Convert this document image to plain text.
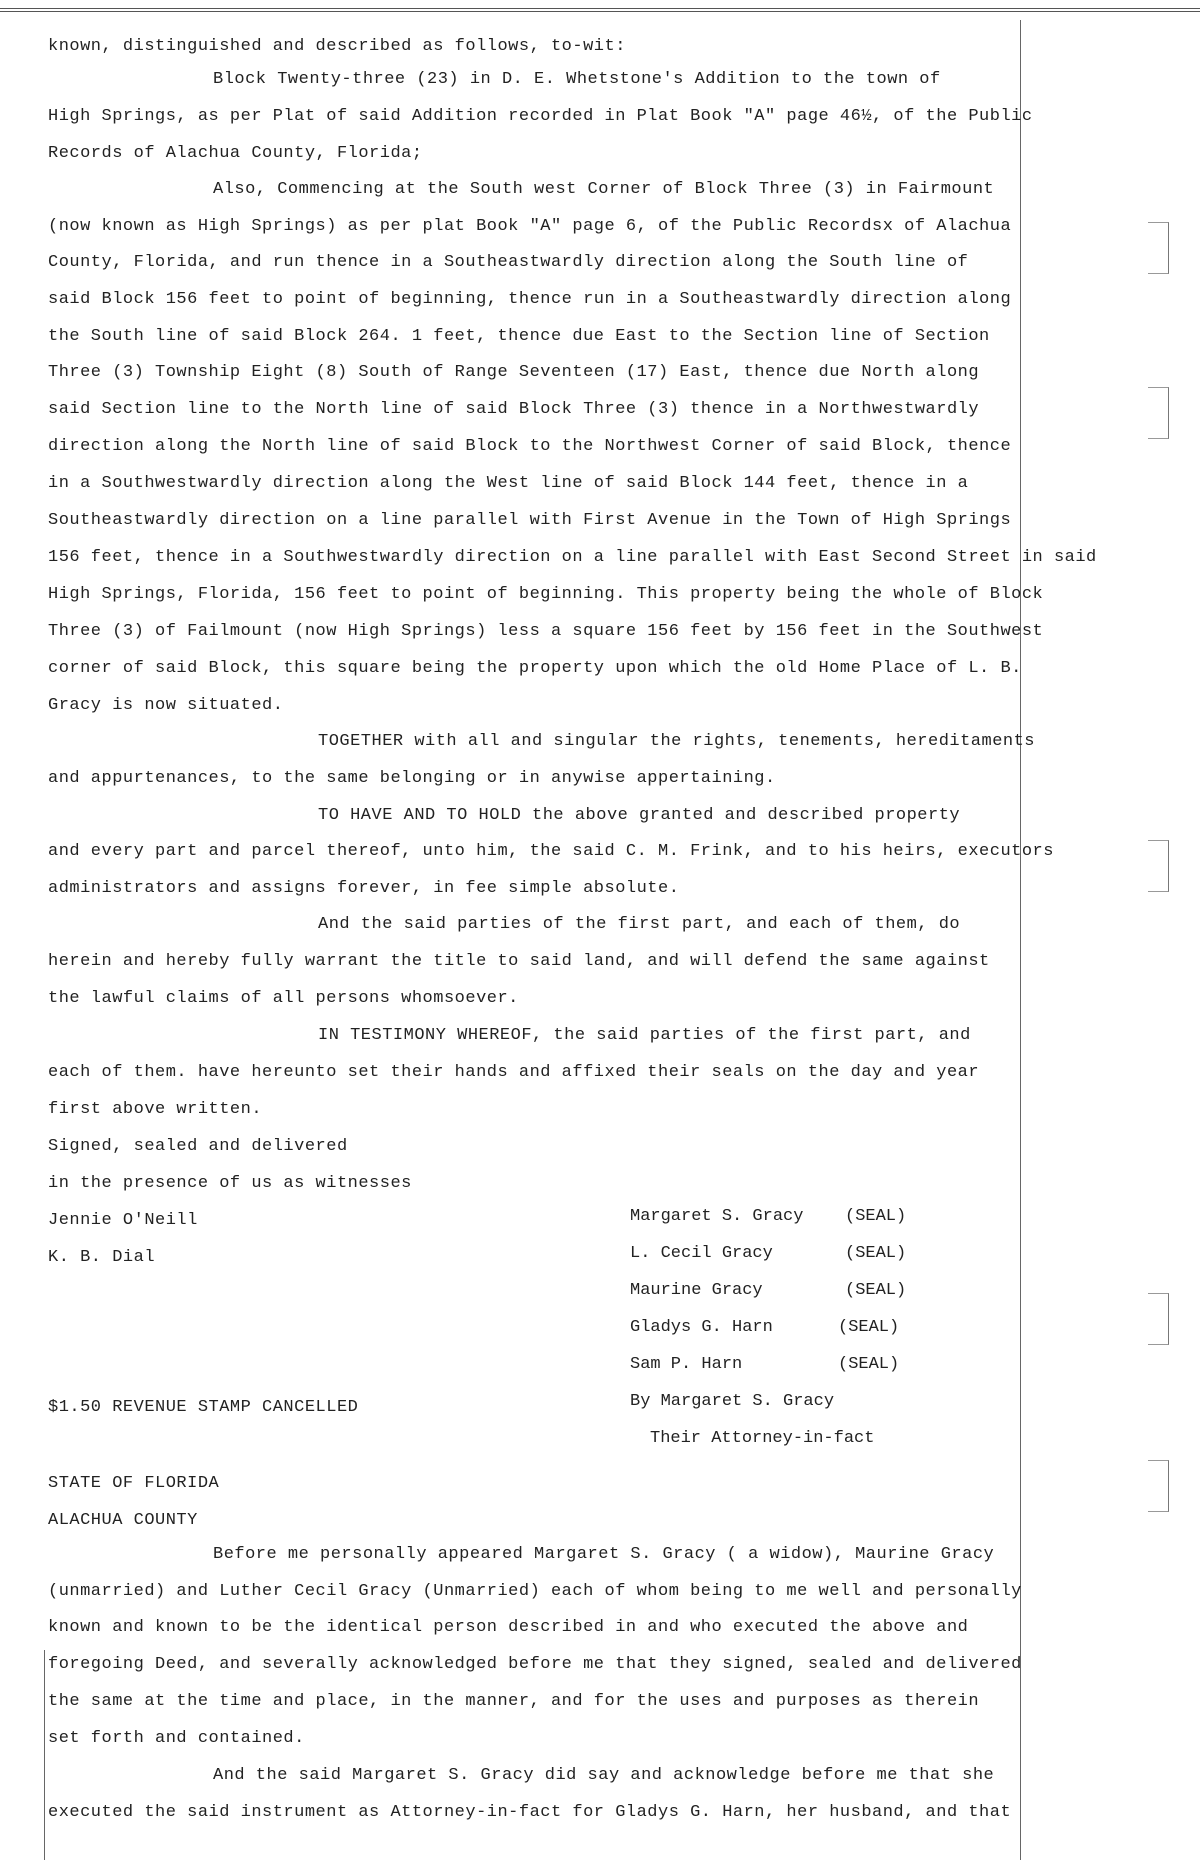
known, distinguished and described as follows, to-wit:
Block Twenty-three (23) in D. E. Whetstone's Addition to the town of
High Springs, as per Plat of said Addition recorded in Plat Book "A" page 46½, of the Public
Records of Alachua County, Florida;
Also, Commencing at the South west Corner of Block Three (3) in Fairmount
(now known as High Springs) as per plat Book "A" page 6, of the Public Recordsx of Alachua
County, Florida, and run thence in a Southeastwardly direction along the South line of
said Block 156 feet to point of beginning, thence run in a Southeastwardly direction along
the South line of said Block 264. 1 feet, thence due East to the Section line of Section
Three (3) Township Eight (8) South of Range Seventeen (17) East, thence due North along
said Section line to the North line of said Block Three (3) thence in a Northwestwardly
direction along the North line of said Block to the Northwest Corner of said Block, thence
in a Southwestwardly direction along the West line of said Block 144 feet, thence in a
Southeastwardly direction on a line parallel with First Avenue in the Town of High Springs
156 feet, thence in a Southwestwardly direction on a line parallel with East Second Street in said
High Springs, Florida, 156 feet to point of beginning. This property being the whole of Block
Three (3) of Failmount (now High Springs) less a square 156 feet by 156 feet in the Southwest
corner of said Block, this square being the property upon which the old Home Place of L. B.
Gracy is now situated.
TOGETHER with all and singular the rights, tenements, hereditaments
and appurtenances, to the same belonging or in anywise appertaining.
TO HAVE AND TO HOLD the above granted and described property
and every part and parcel thereof, unto him, the said C. M. Frink, and to his heirs, executors
administrators and assigns forever, in fee simple absolute.
And the said parties of the first part, and each of them, do
herein and hereby fully warrant the title to said land, and will defend the same against
the lawful claims of all persons whomsoever.
IN TESTIMONY WHEREOF, the said parties of the first part, and
each of them. have hereunto set their hands and affixed their seals on the day and year
first above written.
Signed, sealed and delivered
in the presence of us as witnesses
Jennie O'Neill
K. B. Dial
Margaret S. Gracy (SEAL)
L. Cecil Gracy	(SEAL)
Maurine Gracy	(SEAL)
Gladys G. Harn	(SEAL)
Sam P. Harn	(SEAL)
$1.50 REVENUE STAMP CANCELLED	By Margaret S. Gracy
Their Attorney-in-fact
STATE OF FLORIDA
ALACHUA COUNTY
Before me personally appeared Margaret S. Gracy ( a widow), Maurine Gracy
(unmarried) and Luther Cecil Gracy (Unmarried) each of whom being to me well and personally
known and known to be the identical person described in and who executed the above and
foregoing Deed, and severally acknowledged before me that they signed, sealed and delivered
the same at the time and place, in the manner, and for the uses and purposes as therein
set forth and contained.
And the said Margaret S. Gracy did say and acknowledge before me that she
executed the said instrument as Attorney-in-fact for Gladys G. Harn, her husband, and that
